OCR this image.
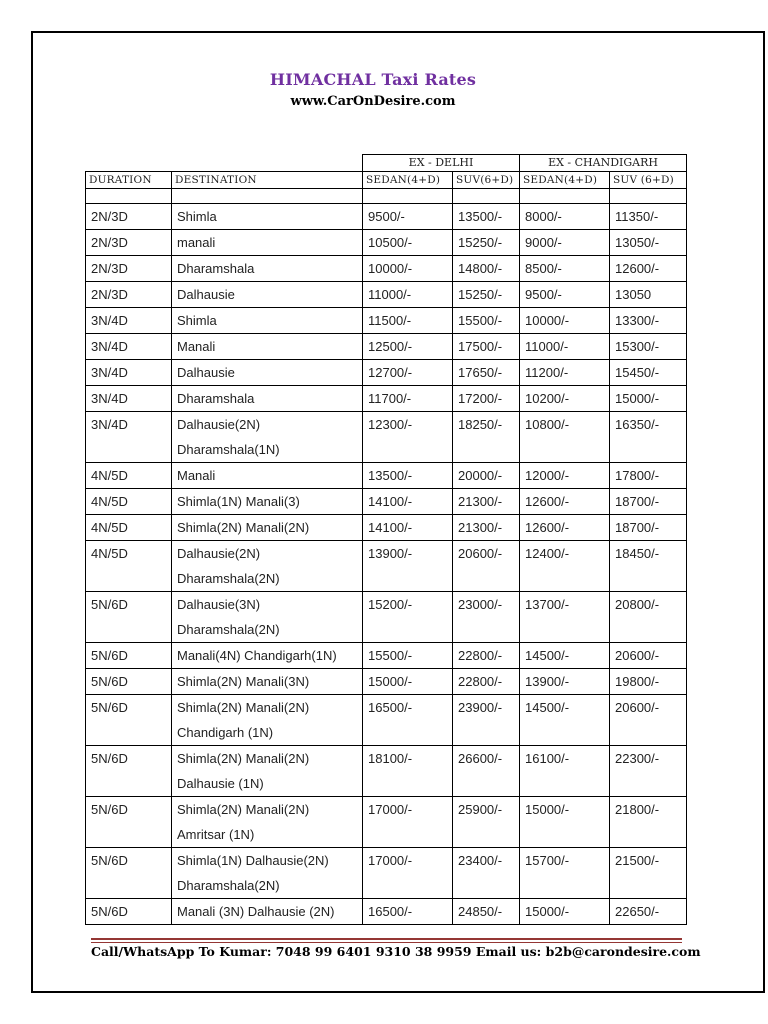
HIMACHAL Taxi Rates
www.CarOnDesire.com
		EX - DELHI		EX - CHANDIGARH	
DURATION	DESTINATION	SEDAN(4+D)	SUV(6+D)	SEDAN(4+D)	SUV (6+D)

2N/3D	Shimla	9500/-	13500/-	8000/-	11350/-
2N/3D	manali	10500/-	15250/-	9000/-	13050/-
2N/3D	Dharamshala	10000/-	14800/-	8500/-	12600/-
2N/3D	Dalhausie	11000/-	15250/-	9500/-	13050
3N/4D	Shimla	11500/-	15500/-	10000/-	13300/-
3N/4D	Manali	12500/-	17500/-	11000/-	15300/-
3N/4D	Dalhausie	12700/-	17650/-	11200/-	15450/-
3N/4D	Dharamshala	11700/-	17200/-	10200/-	15000/-
3N/4D	Dalhausie(2N)
Dharamshala(1N)	12300/-	18250/-	10800/-	16350/-
4N/5D	Manali	13500/-	20000/-	12000/-	17800/-
4N/5D	Shimla(1N) Manali(3)	14100/-	21300/-	12600/-	18700/-
4N/5D	Shimla(2N) Manali(2N)	14100/-	21300/-	12600/-	18700/-
4N/5D	Dalhausie(2N)
Dharamshala(2N)	13900/-	20600/-	12400/-	18450/-
5N/6D	Dalhausie(3N)
Dharamshala(2N)	15200/-	23000/-	13700/-	20800/-
5N/6D	Manali(4N) Chandigarh(1N)	15500/-	22800/-	14500/-	20600/-
5N/6D	Shimla(2N) Manali(3N)	15000/-	22800/-	13900/-	19800/-
5N/6D	Shimla(2N) Manali(2N)
Chandigarh (1N)	16500/-	23900/-	14500/-	20600/-
5N/6D	Shimla(2N) Manali(2N)
Dalhausie (1N)	18100/-	26600/-	16100/-	22300/-
5N/6D	Shimla(2N) Manali(2N)
Amritsar (1N)	17000/-	25900/-	15000/-	21800/-
5N/6D	Shimla(1N) Dalhausie(2N)
Dharamshala(2N)	17000/-	23400/-	15700/-	21500/-
5N/6D	Manali (3N) Dalhausie (2N)	16500/-	24850/-	15000/-	22650/-
Call/WhatsApp To Kumar: 7048 99 6401 9310 38 9959 Email us: b2b@carondesire.com
